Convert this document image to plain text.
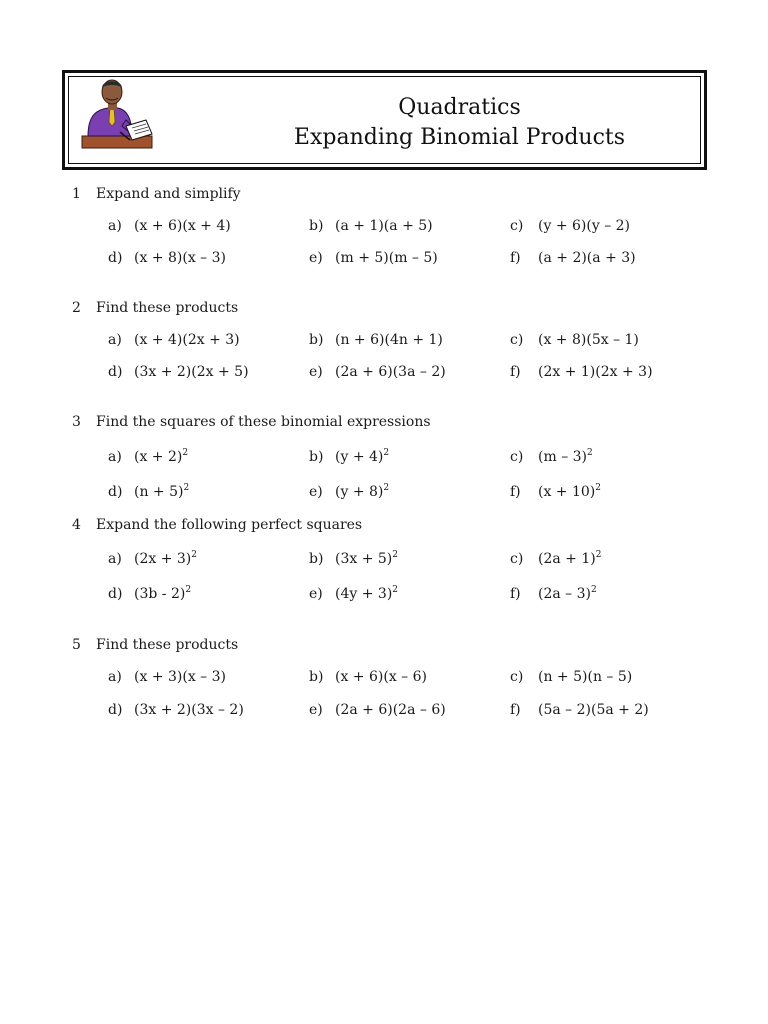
Quadratics
Expanding Binomial Products
1 Expand and simplify
a) (x + 6)(x + 4)	b) (a + 1)(a + 5)	c) (y + 6)(y – 2)
d) (x + 8)(x – 3)	e) (m + 5)(m – 5)	f) (a + 2)(a + 3)
2 Find these products
a) (x + 4)(2x + 3)	b) (n + 6)(4n + 1)	c) (x + 8)(5x – 1)
d) (3x + 2)(2x + 5)	e) (2a + 6)(3a – 2)	f) (2x + 1)(2x + 3)
3 Find the squares of these binomial expressions
a) $(x + 2)^2$	b) $(y + 4)^2$	c) (m – 3)$^2$
d) $(n + 5)^2$	e) $(y + 8)^2$	f) $(x + 10)^2$
4 Expand the following perfect squares
a) $(2x + 3)^2$	b) $(3x + 5)^2$	c) $(2a + 1)^2$
d) (3b - 2)$^2$	e) $(4y + 3)^2$	f) (2a – 3)$^2$
5 Find these products
a) (x + 3)(x – 3)	b) (x + 6)(x – 6)	c) (n + 5)(n – 5)
d) (3x + 2)(3x – 2)	e) (2a + 6)(2a – 6)	f) (5a – 2)(5a + 2)
